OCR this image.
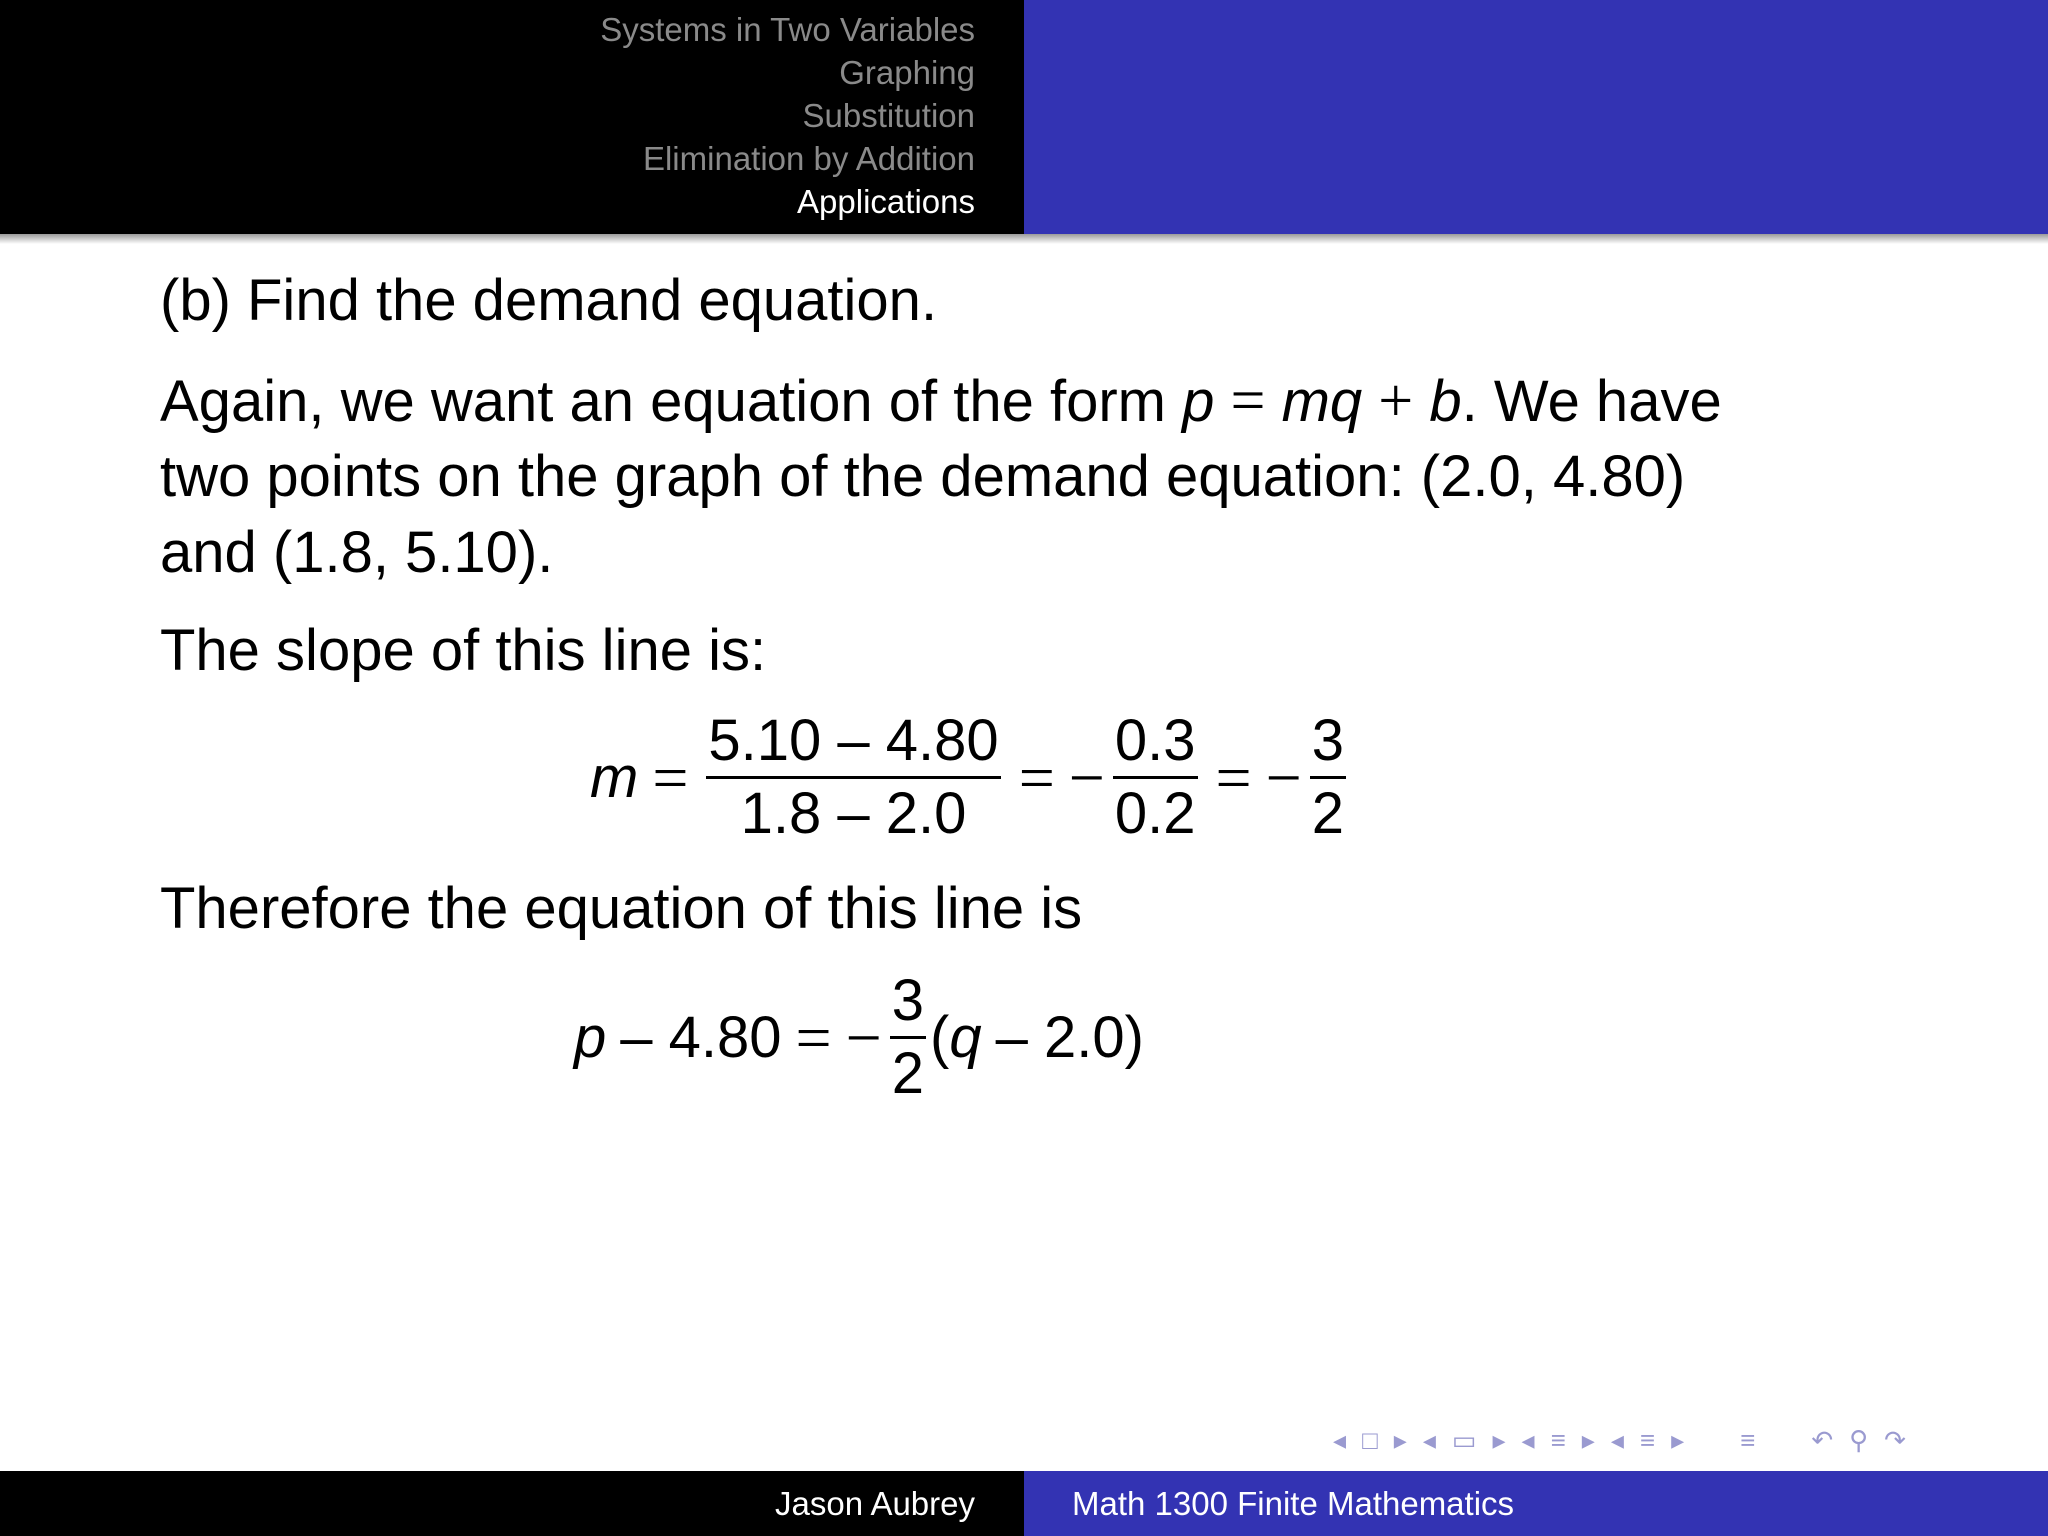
Systems in Two Variables
Graphing
Substitution
Elimination by Addition
Applications
(b) Find the demand equation.
Again, we want an equation of the form p = mq + b. We have
two points on the graph of the demand equation: (2.0, 4.80)
and (1.8, 5.10).
The slope of this line is:
$m = \frac{5.10 - 4.80}{1.8 - 2.0}$ = − $\frac{0.3}{0.2}$ = − $\frac{3}{2}$
Therefore the equation of this line is
p – 4.80 = − $\frac{3}{2}$ ( q – 2.0)
◂ □ ▸ ◂ ▭ ▸ ◂ ≡ ▸ ◂ ≡ ▸ ≡ ↶ ⚲ ↷
Jason Aubrey	Math 1300 Finite Mathematics
